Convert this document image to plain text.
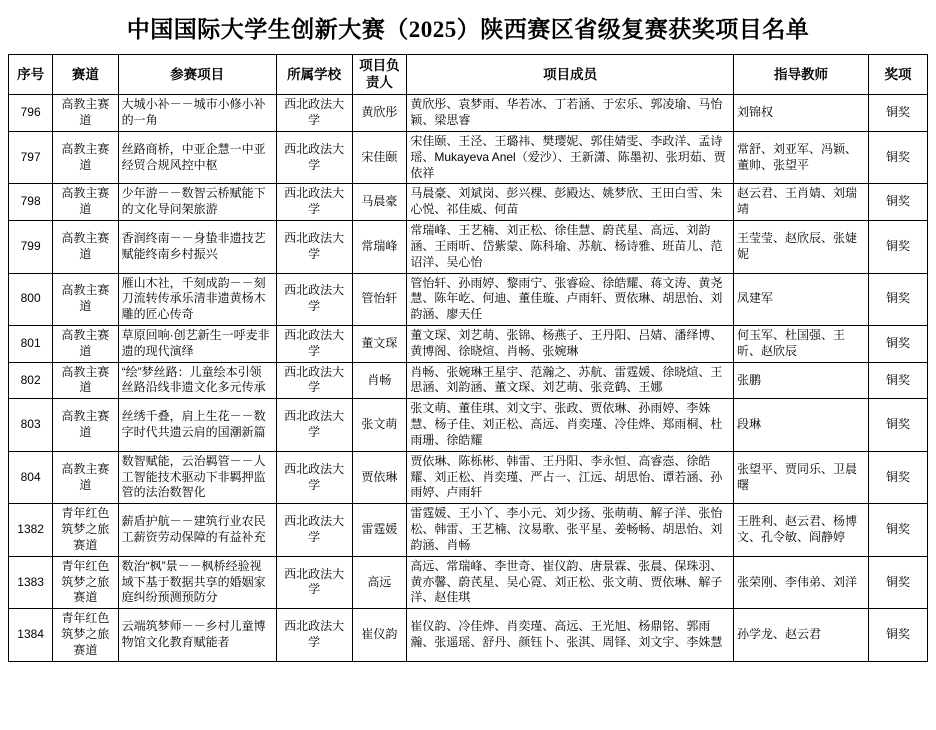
中国国际大学生创新大赛（2025）陕西赛区省级复赛获奖项目名单
序号	赛道	参赛项目	所属学校	项目负责人	项目成员	指导教师	奖项
796	高教主赛道	大城小补－－城市小修小补的一角	西北政法大学	黄欣彤	黄欣彤、袁梦雨、华若冰、丁若涵、于宏乐、郭凌瑜、马怡颖、梁思睿	刘锦权	铜奖
797	高教主赛道	丝路商桥，中亚企慧一中亚经贸合规风控中枢	西北政法大学	宋佳颐	宋佳颐、王泾、王璐祎、樊璎妮、郭佳婧雯、李政洋、孟诗瑶、Mukayeva Anel（爱沙）、王新潇、陈墨初、张玥茹、贾依祥	常舒、刘亚军、冯颖、董帅、张望平	铜奖
798	高教主赛道	少年游－－数智云桥赋能下的文化导问架旅游	西北政法大学	马晨豪	马晨豪、刘斌岗、彭兴棵、彭殿达、姚梦欣、王田白雪、朱心悦、祁佳威、何苗	赵云君、王肖婧、刘瑞靖	铜奖
799	高教主赛道	香润终南－－身蛰非遗技艺赋能终南乡村振兴	西北政法大学	常瑞峰	常瑞峰、王艺楠、刘正松、徐佳慧、蔚芪星、高远、刘韵涵、王雨昕、岱紫蒙、陈科瑜、苏航、杨诗雅、班苗儿、范诏洋、吴心怡	王莹莹、赵欣辰、张婕妮	铜奖
800	高教主赛道	雁山木社，千刻成韵－－刻刀流转传承乐清非遗黄杨木雕的匠心传奇	西北政法大学	管怡轩	管怡轩、孙雨婷、黎雨宁、张睿硷、徐皓耀、蒋文涛、黄尧慧、陈年屹、何迪、董佳璇、卢雨轩、贾依琳、胡思怡、刘韵涵、廖天任	凤建军	铜奖
801	高教主赛道	草原回响·创艺新生一呼麦非遗的现代演绎	西北政法大学	董文琛	董文琛、刘艺萌、张锦、杨燕子、王丹阳、吕婧、潘绎博、黄博阁、徐晓煊、肖畅、张婉琳	何玉军、杜国强、王昕、赵欣辰	铜奖
802	高教主赛道	“绘”梦丝路：儿童绘本引领丝路沿线非遗文化多元传承	西北政法大学	肖畅	肖畅、张婉琳王星宇、范瀚之、苏航、雷霆媛、徐晓煊、王思涵、刘韵涵、董文琛、刘艺萌、张竞鹤、王娜	张鹏	铜奖
803	高教主赛道	丝绣千叠，肩上生花－－数字时代共遗云肩的国潮新篇	西北政法大学	张文萌	张文萌、董佳琪、刘文宇、张政、贾依琳、孙雨婷、李姝慧、杨子佳、刘正松、高远、肖奕瑾、冷佳烨、郑雨桐、杜雨珊、徐皓耀	段琳	铜奖
804	高教主赛道	数智赋能，云治羁管－－人工智能技术驱动下非羁押监管的法治数智化	西北政法大学	贾依琳	贾依琳、陈栎彬、韩雷、王丹阳、李永恒、高睿悫、徐皓耀、刘正松、肖奕瑾、严占一、江远、胡思怡、谭若涵、孙雨婷、卢雨轩	张望平、贾同乐、卫晨曙	铜奖
1382	青年红色筑梦之旅赛道	薪盾护航－－建筑行业农民工薪资劳动保障的有益补充	西北政法大学	雷霆媛	雷霆媛、王小丫、李小元、刘少扬、张萌萌、解子洋、张怡松、韩雷、王艺楠、汶易歌、张平星、姜畅畅、胡思怡、刘韵涵、肖畅	王胜利、赵云君、杨博文、孔令敏、阎静婷	铜奖
1383	青年红色筑梦之旅赛道	数治“枫”景－－枫桥经验视域下基于数据共享的婚姻家庭纠纷预测预防分	西北政法大学	高远	高远、常瑞峰、李世奇、崔仪韵、唐景霖、张晨、保珠羽、黄亦馨、蔚芪星、吴心霓、刘正松、张文萌、贾依琳、解子洋、赵佳琪	张荣刚、李伟弟、刘洋	铜奖
1384	青年红色筑梦之旅赛道	云端筑梦师－－乡村儿童博物馆文化教育赋能者	西北政法大学	崔仪韵	崔仪韵、冷佳烨、肖奕瑾、高远、王光旭、杨鼎铭、郭雨瀚、张遥瑶、舒丹、颜钰卜、张淇、周铎、刘文宇、李姝慧	孙学龙、赵云君	铜奖
